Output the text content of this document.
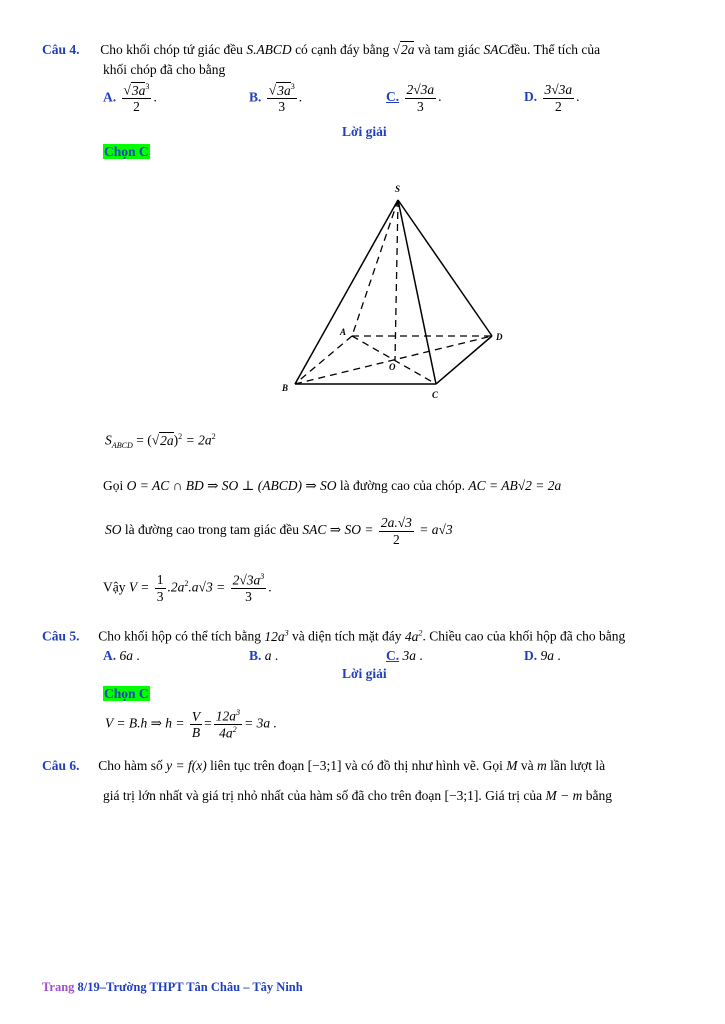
Câu 4. Cho khối chóp tứ giác đều S.ABCD có cạnh đáy bằng √2a và tam giác SACđều. Thể tích của
khối chóp đã cho bằng
A. $\frac{√3a^3}{2}$ .	B. $\frac{√3a^3}{3}$ .	C. $\frac{2√3a}{3}$ .	D. $\frac{3√3a}{2}$ .
Lời giải
Chọn C
S
A
B
C
D
O
$S_{ABCD} = (√2a)^2 = 2a^2$
Gọi O = AC ∩ BD ⇒ SO ⊥ (ABCD) ⇒ SO là đường cao của chóp. AC = AB√2 = 2a
SO là đường cao trong tam giác đều SAC ⇒ SO = $\frac{2a.√3}{2} = a√3$
Vậy $V = \frac{1}{3} .2a^2.a√3 = \frac{2√3a^3}{3}$ .
Câu 5. Cho khối hộp có thể tích bằng $12a^3$ và diện tích mặt đáy $4a^2$. Chiều cao của khối hộp đã cho bằng
A. 6a .	B. a .	C. 3a .	D. 9a .
Lời giải
Chọn C
V = B.h ⇒ $h = \frac{V}{B} = \frac{12a^3}{4a^2} = 3a$ .
Câu 6. Cho hàm số y = f(x) liên tục trên đoạn [−3;1] và có đồ thị như hình vẽ. Gọi M và m lần lượt là
giá trị lớn nhất và giá trị nhỏ nhất của hàm số đã cho trên đoạn [−3;1]. Giá trị của M − m bằng
Trang 8/19–Trường THPT Tân Châu – Tây Ninh
